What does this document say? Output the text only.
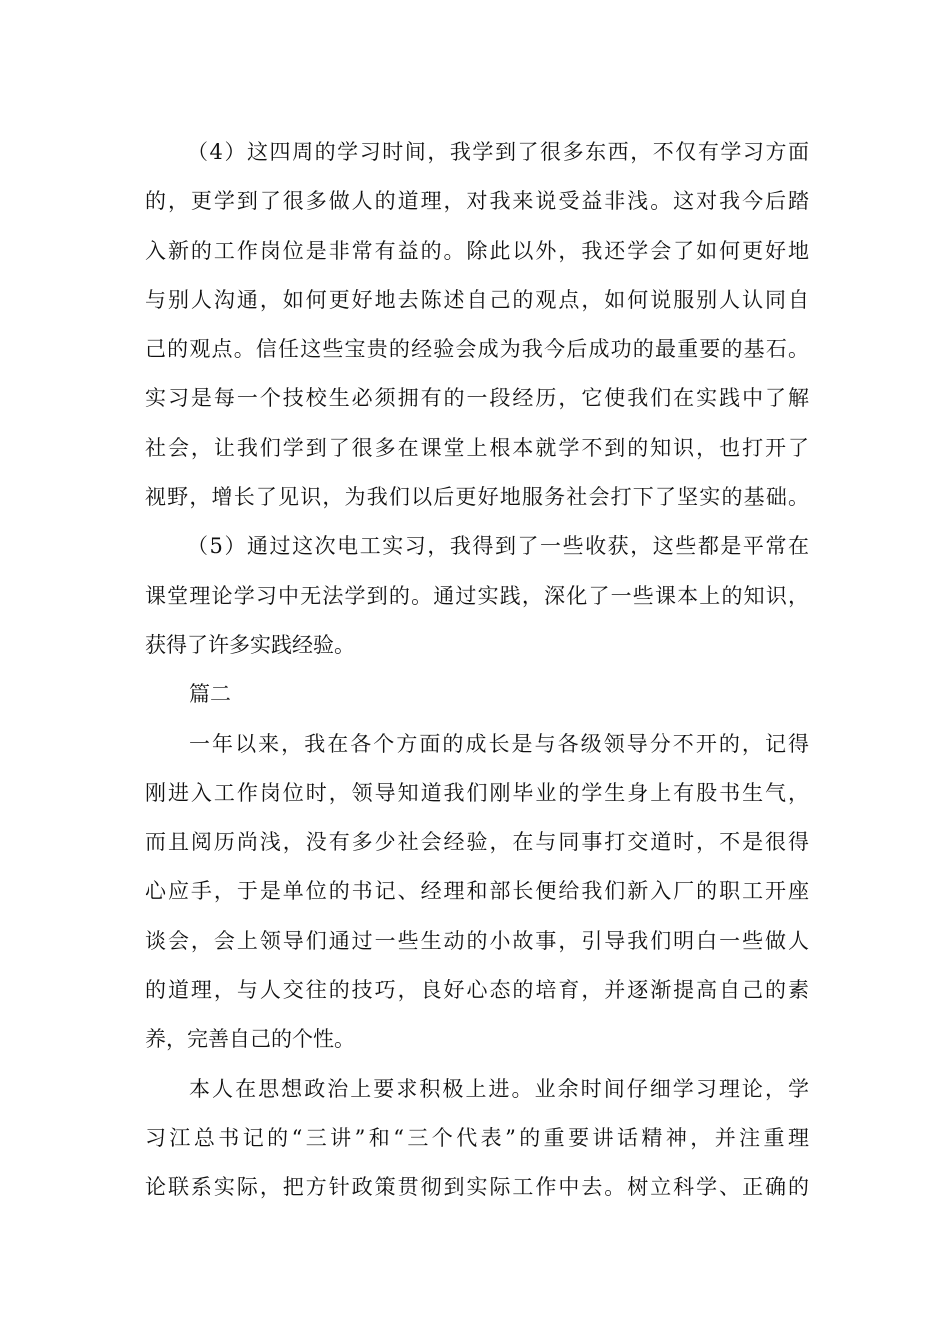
（4）这四周的学习时间，我学到了很多东西，不仅有学习方面
的，更学到了很多做人的道理，对我来说受益非浅。这对我今后踏
入新的工作岗位是非常有益的。除此以外，我还学会了如何更好地
与别人沟通，如何更好地去陈述自己的观点，如何说服别人认同自
己的观点。信任这些宝贵的经验会成为我今后成功的最重要的基石。
实习是每一个技校生必须拥有的一段经历，它使我们在实践中了解
社会，让我们学到了很多在课堂上根本就学不到的知识，也打开了
视野，增长了见识，为我们以后更好地服务社会打下了坚实的基础。
（5）通过这次电工实习，我得到了一些收获，这些都是平常在
课堂理论学习中无法学到的。通过实践，深化了一些课本上的知识，
获得了许多实践经验。
篇二
一年以来，我在各个方面的成长是与各级领导分不开的，记得
刚进入工作岗位时，领导知道我们刚毕业的学生身上有股书生气，
而且阅历尚浅，没有多少社会经验，在与同事打交道时，不是很得
心应手，于是单位的书记、经理和部长便给我们新入厂的职工开座
谈会，会上领导们通过一些生动的小故事，引导我们明白一些做人
的道理，与人交往的技巧，良好心态的培育，并逐渐提高自己的素
养，完善自己的个性。
本人在思想政治上要求积极上进。业余时间仔细学习理论，学
习江总书记的“三讲”和“三个代表”的重要讲话精神，并注重理
论联系实际，把方针政策贯彻到实际工作中去。树立科学、正确的
